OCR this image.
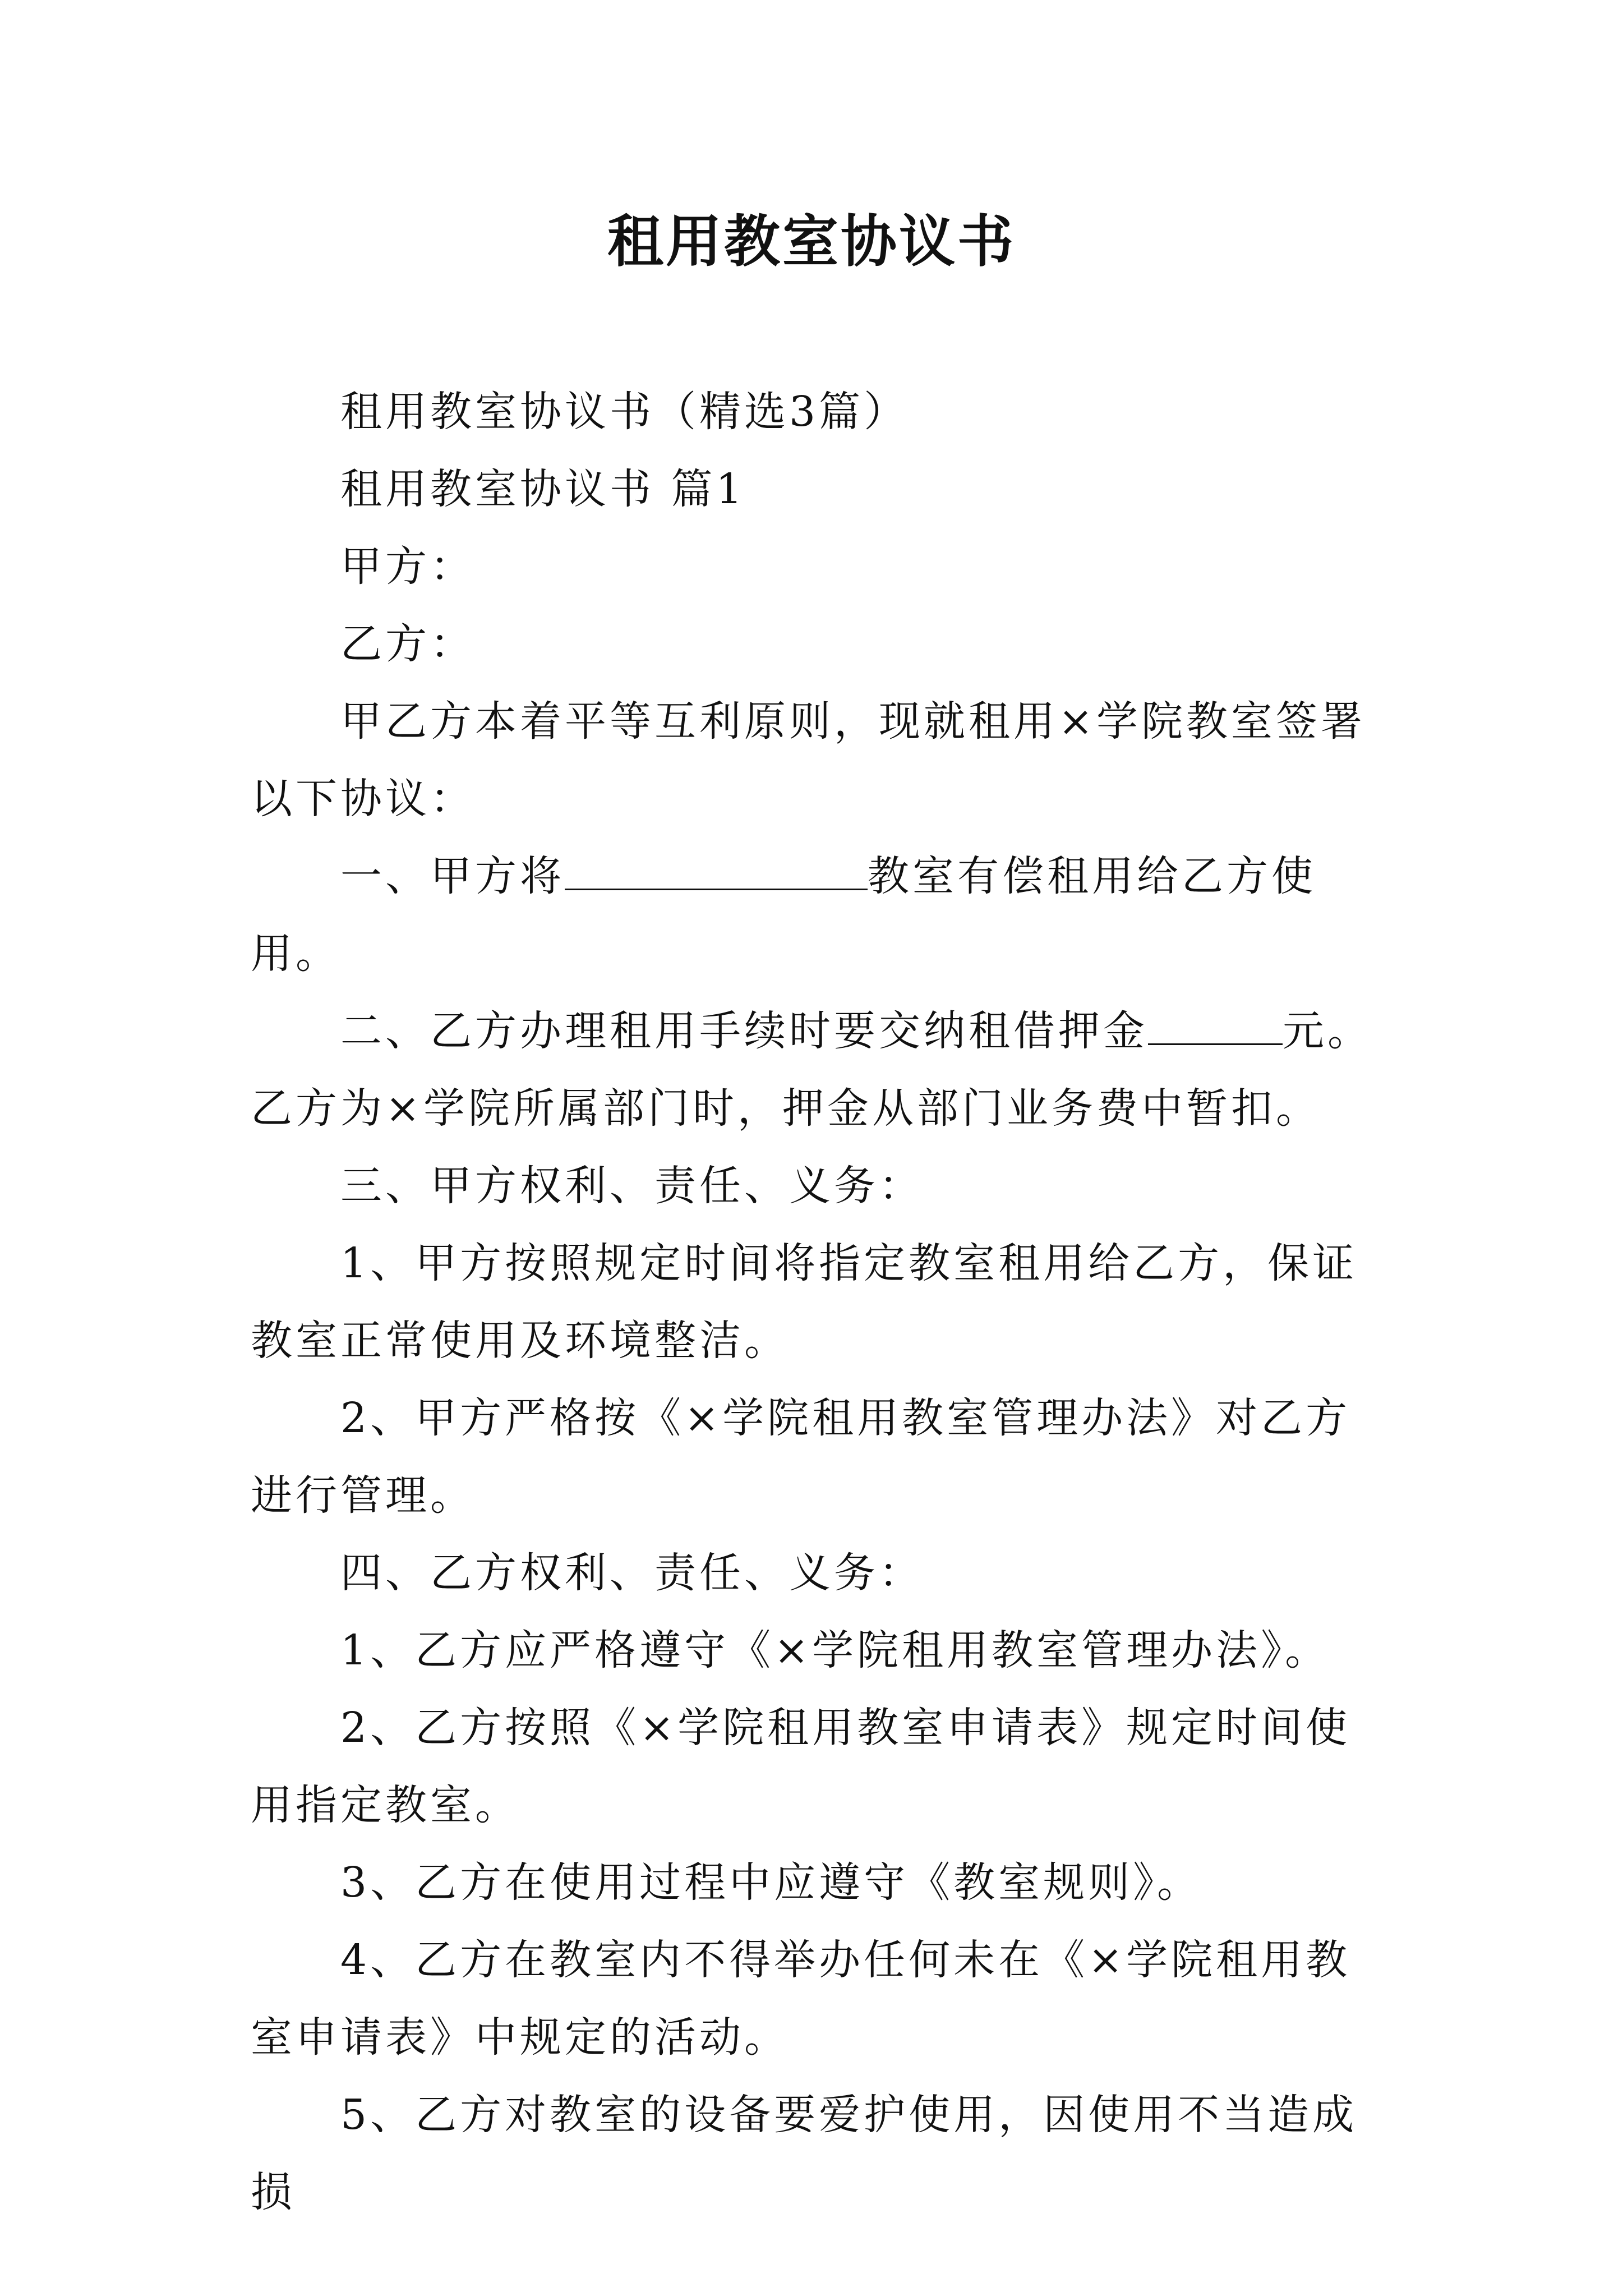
租用教室协议书

租用教室协议书（精选3篇）

租用教室协议书 篇1

甲方：

乙方：

甲乙方本着平等互利原则，现就租用×学院教室签署以下协议：

一、甲方将	教室有偿租用给乙方使用。

二、乙方办理租用手续时要交纳租借押金	元。乙方为×学院所属部门时，押金从部门业务费中暂扣。

三、甲方权利、责任、义务：

1、甲方按照规定时间将指定教室租用给乙方，保证教室正常使用及环境整洁。

2、甲方严格按《×学院租用教室管理办法》对乙方进行管理。

四、乙方权利、责任、义务：

1、乙方应严格遵守《×学院租用教室管理办法》。

2、乙方按照《×学院租用教室申请表》规定时间使用指定教室。

3、乙方在使用过程中应遵守《教室规则》。

4、乙方在教室内不得举办任何未在《×学院租用教室申请表》中规定的活动。

5、乙方对教室的设备要爱护使用，因使用不当造成损
